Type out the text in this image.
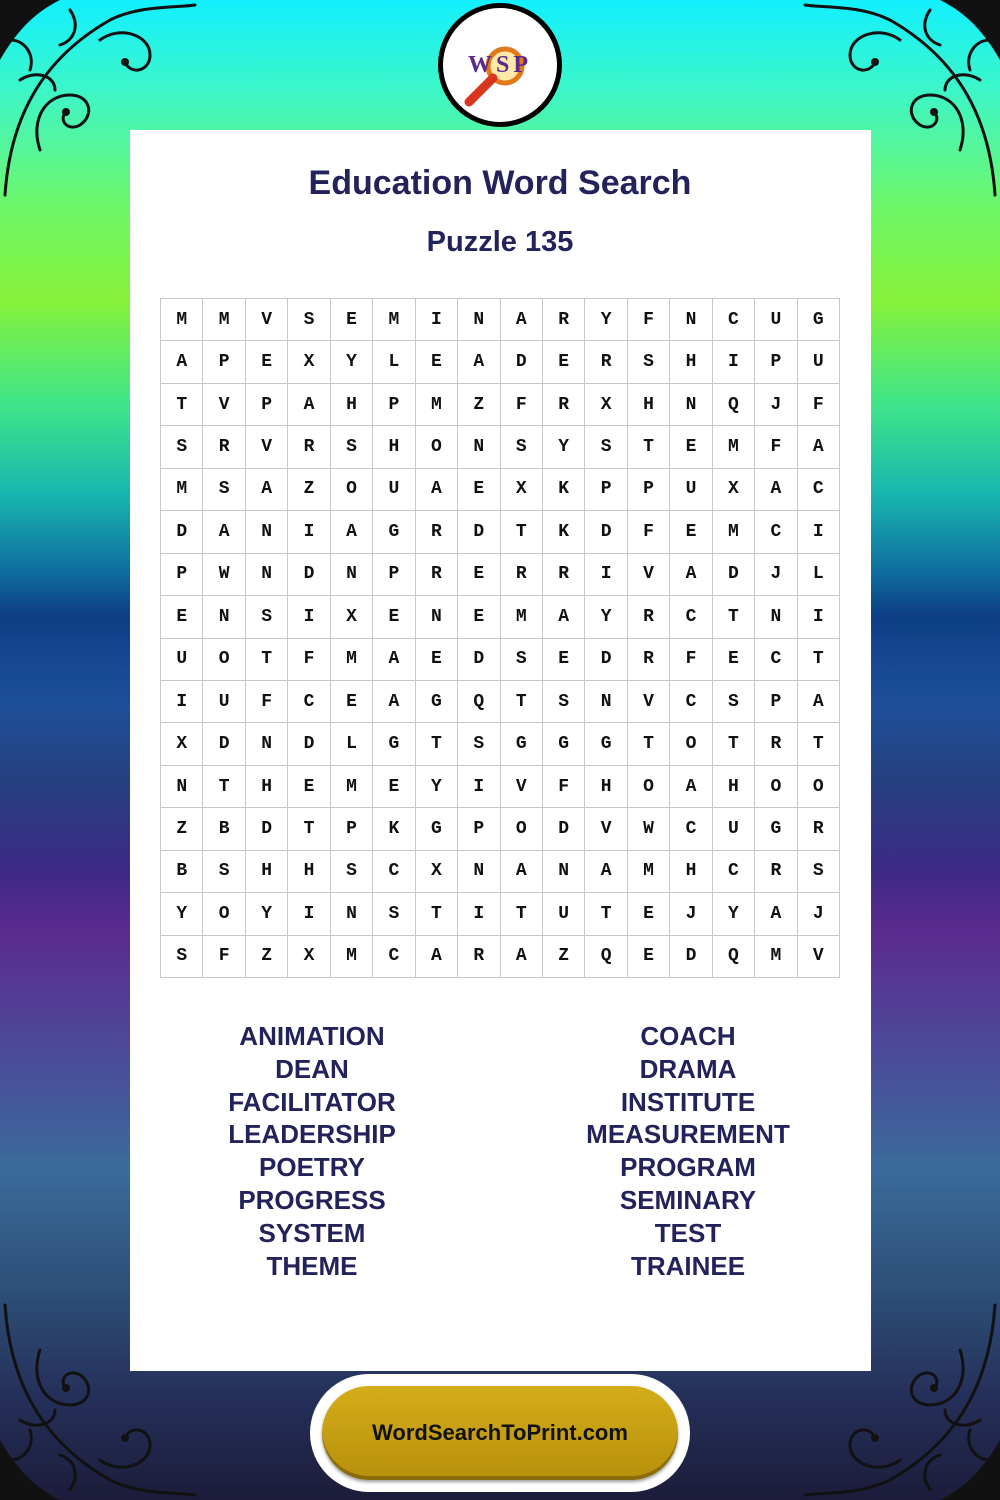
WSP
Education Word Search
Puzzle 135
M	M	V	S	E	M	I	N	A	R	Y	F	N	C	U	G
A	P	E	X	Y	L	E	A	D	E	R	S	H	I	P	U
T	V	P	A	H	P	M	Z	F	R	X	H	N	Q	J	F
S	R	V	R	S	H	O	N	S	Y	S	T	E	M	F	A
M	S	A	Z	O	U	A	E	X	K	P	P	U	X	A	C
D	A	N	I	A	G	R	D	T	K	D	F	E	M	C	I
P	W	N	D	N	P	R	E	R	R	I	V	A	D	J	L
E	N	S	I	X	E	N	E	M	A	Y	R	C	T	N	I
U	O	T	F	M	A	E	D	S	E	D	R	F	E	C	T
I	U	F	C	E	A	G	Q	T	S	N	V	C	S	P	A
X	D	N	D	L	G	T	S	G	G	G	T	O	T	R	T
N	T	H	E	M	E	Y	I	V	F	H	O	A	H	O	O
Z	B	D	T	P	K	G	P	O	D	V	W	C	U	G	R
B	S	H	H	S	C	X	N	A	N	A	M	H	C	R	S
Y	O	Y	I	N	S	T	I	T	U	T	E	J	Y	A	J
S	F	Z	X	M	C	A	R	A	Z	Q	E	D	Q	M	V
ANIMATION
DEAN
FACILITATOR
LEADERSHIP
POETRY
PROGRESS
SYSTEM
THEME
COACH
DRAMA
INSTITUTE
MEASUREMENT
PROGRAM
SEMINARY
TEST
TRAINEE
WordSearchToPrint.com
